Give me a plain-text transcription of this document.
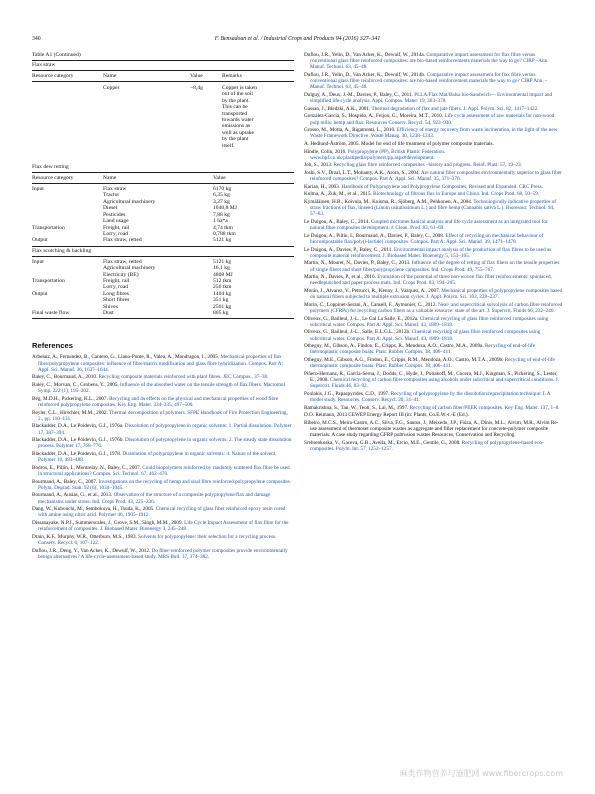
340	F. Bensadoun et al. / Industrial Crops and Products 94 (2016) 327–341
Table A1 (Continued)
Flax straw
Resource category	Name	Value	Remarks
	Copper	−8,4g	Copper is taken
out of the soil
by the plant.
This can be
transported
towards water
emissions as
well as uptake
by the plant
itself.
Flax dew retting
Resource category	Name	Value
Input	Flax straw	6170 kg
	Tractor	6,35 kg
	Agricultural machinery	3,27 kg
	Diesel	1040,8 MJ
	Pesticides	7,88 kg
	Land usage	1 ha*a
Transportation	Freight, rail	4,74 tkm
	Lorry, road	0,788 tkm
Output	Flax straw, retted	5121 kg
Flax scutching & hackling
Input	Flax straw, retted	5121 kg
	Agricultural machinery	16,1 kg
	Electricity (BE)	4808 MJ
Transportation	Freight, rail	512 tkm
	Lorry, road	256 tkm
Output	Long fibres	1404 kg
	Short fibres	351 kg
	Shives	2561 kg
Final waste flow	Dust	805 kg
References
Arbelaiz, A., Fernandez, B., Cantero, G., Llano-Ponte, R., Valea, A., Mondragon, I., 2005. Mechanical properties of flax fibre/polypropylene composites: influence of fibre/matrix modification and glass fibre hybridization. Compos. Part A: Appl. Sci. Manuf. 36, 1637–1644.
Baley, C., Bourmaud, A., 2010. Recycling composite materials reinforced with plant fibres. JEC Compos., 37–38.
Baley, C., Morvan, C., Grohens, Y., 2005. Influence of the absorbed water on the tensile strength of flax fibers. Macromol. Symp. 222 (1), 195–202.
Beg, M.D.H., Pickering, K.L., 2007. Recycling and its effects on the physical and mechanical properties of wood fibre reinforced polypropylene composites. Key Eng. Mater. 334–335, 497–500.
Beyler, C.L., Hirschler, M.M., 2002. Thermal decomposition of polymers. SFPE Handbook of Fire Protection Engineering, 2., pp. 110–131.
Blackadder, D.A., Le Poidevin, G.J., 1976a. Dissolution of polypropylene in organic solvents: 1. Partial dissolution. Polymer 17, 387–394.
Blackadder, D.A., Le Poidevin, G.J., 1976b. Dissolution of polypropylene in organic solvents: 2. The steady state dissolution process. Polymer 17, 768–776.
Blackadder, D.A., Le Poidevin, G.J., 1978. Dissolution of polypropylene in organic solvents: 4. Nature of the solvent. Polymer 19, 483–488.
Bodros, E., Pillin, I., Montrelay, N., Baley, C., 2007. Could biopolymers reinforced by randomly scattered flax fibre be used in structural applications? Compos. Sci. Technol. 67, 462–470.
Bourmaud, A., Baley, C., 2007. Investigations on the recycling of hemp and sisal fibre reinforced polypropylene composites. Polym. Degrad. Stab. 92 (6), 1034–1045.
Bourmaud, A., Ausias, G., et al., 2013. Observation of the structure of a composite polypropylene/flax and damage mechanisms under stress. Ind. Crops Prod. 43, 225–236.
Dang, W., Kubouchi, M., Sembokuya, H., Tsuda, K., 2005. Chemical recycling of glass fiber reinforced epoxy resin cured with amine using nitric acid. Polymer 46, 1905–1912.
Dissanayake, N.P.J., Summerscales, J., Grove, S.M., Singh, M.M., 2009. Life Cycle Impact Assessment of flax fibre for the reinforcement of composites. J. Biobased Mater. Bioenergy 3, 245–248.
Drain, K.F., Murphy, W.R., Otterburn, M.S., 1983. Solvents for polypropylene: their selection for a recycling process. Conserv. Recycl. 6, 107–122.
Duflou, J.R., Deng, Y., Van Acker, K., Dewulf, W., 2012. Do fiber-reinforced polymer composites provide environmentally benign alternatives? A life-cycle-assessment-based study. MRS Bull. 37, 374–382.
Duflou, J.R., Yelin, D., Van Acker, K., Dewulf, W., 2014a. Comparative impact assessment for flax fibre versus conventional glass fibre reinforced composites: are bio-based reinforcements materials the way to go? CIRP –Ann. Manuf. Technol. 63, 45–48.
Duflou, J.R., Yelin, D., Van Acker, K., Dewulf, W., 2014b. Comparative impact assessment for flax fibre versus conventional glass fibre reinforced composites: are bio-based reinforcement materials the way to go? CIRP Ann. – Manuf. Technol. 63, 45–48.
Dulguy, A., Deux, J.-M., Davies, P., Baley, C., 2011. PLLA/Flax Mat/Balsa bio-Sandwich— Environmental impact and simplified life cycle analysis. Appl. Compos. Mater. 19, 363–378.
Gassan, J., Bledzki, A.K., 2001. Thermal degradation of flax and jute fibers. J. Appl. Polym. Sci. 82, 1417–1422.
González-García, S., Hospido, A., Feijoo, G., Moreira, M.T., 2010. Life cycle assessment of raw materials for non-wood pulp mills: hemp and flax. Resources Conserv. Recycl. 54, 923–930.
Grosso, M., Motta, A., Rigamonti, L., 2010. Efficiency of energy recovery from waste incineration, in the light of the new Waste Framework Directive. Waste Manag. 30, 1238–1243.
A. Hedlund-Åström, 2005. Model for end of life treatment of polymer composite materials.
Hindle, Colin, 2016. Polypropylene (PP), British Plastic Federation. www.bpf.co.uk/plastipedia/polymers/pp.aspx#development.
Job, S., 2013. Recycling glass fibre reinforced composites –history and progress. Reinf. Plast. 57, 19–23.
Joshi, S.V., Drzal, L.T., Mohanty, A.K., Arora, S., 2004. Are natural fiber composites environmentally superior to glass fiber reinforced composites? Compos. Part A: Appl. Sci. Manuf. 35, 371–376.
Karian, H., 2003. Handbook of Polypropylene and Polypropylene Composites, Revised and Expanded. CRC Press.
Kulma, A., Zuk, M., et al., 2015. Biotechnology of fibrous flax in Europe and China. Ind. Crops Prod. 68, 50–59.
Kymäläinen, H.R., Koivula, M., Kuisma, R., Sjöberg, A.M., Pehkonen, A., 2004. Technologically indicative properties of straw fractions of flax, linseed (Linum usitatissimum L.) and fibre hemp (Cannabis sativa L.). Bioresour. Technol. 94, 57–63.
Le Duigou, A., Baley, C., 2014. Coupled micromechanical analysis and life cycle assessment as an integrated tool for natural fibre composites development. J. Clean. Prod. 83, 61–69.
Le Duigou, A., Pillin, I., Bourmaud, A., Davies, P., Baley, C., 2008. Effect of recycling on mechanical behaviour of biocompostable flax/poly(l-lactide) composites. Compos. Part A: Appl. Sci. Manuf. 39, 1471–1478.
Le Duigou, A., Davies, P., Baley, C., 2011. Environmental impact analysis of the production of flax fibres to be used as composite material reinforcement. J. Biobased Mater. Bioenergy 5, 153–165.
Martin, N., Mouret, N., Davies, P., Baley, C., 2013. Influence of the degree of retting of flax fibers on the tensile properties of single fibers and short fiber/polypropylene composites. Ind. Crops Prod. 49, 755–767.
Martin, N., Davies, P., et al., 2016. Evaluation of the potential of three non-woven flax fiber reinforcements: spunlaced, needlepunched and paper process mats. Ind. Crops Prod. 83, 194–205.
Morán, J., Alvarez, V., Petrucci, R., Kenny, J., Vazquez, A., 2007. Mechanical properties of polypropylene composites based on natural fibers subjected to multiple extrusion cycles. J. Appl. Polym. Sci. 103, 228–237.
Morin, C., Loppinet-Serani, A., Cansell, F., Aymonier, C., 2012. Near- and supercritical solvolysis of carbon fibre reinforced polymers (CFRPs) for recycling carbon fibers as a valuable resource: state of the art. J. Supercrit. Fluids 66, 232–240.
Oliveux, G., Bailleul, J.-L., Le Gal La Salle, E., 2012a. Chemical recycling of glass fibre reinforced composites using subcritical water. Compos. Part A: Appl. Sci. Manuf. 43, 1809–1818.
Oliveux, G., Bailleul, J.-L., Salle, E.L.G.L., 2012b. Chemical recycling of glass fibre reinforced composites using subcritical water. Compos. Part A: Appl. Sci. Manuf. 43, 1809–1818.
Otheguy, M., Gibson, A., Findon, E., Cripps, R., Mendoza, A.O., Castro, M.A., 2009a. Recycling of end-of-life thermoplastic composite boats. Plast. Rubber Compos. 38, 406–411.
Otheguy, M.E., Gibson, A.G., Findon, E., Cripps, R.M., Mendoza, A.O., Castro, M.T.A., 2009b. Recycling of end-of-life thermoplastic composite boats. Plast. Rubber Compos. 38, 406–411.
Piñero-Hernanz, R., García-Serna, J., Dodds, C., Hyde, J., Poliakoff, M., Cocero, M.J., Kingman, S., Pickering, S., Lester, E., 2008. Chemical recycling of carbon fibre composites using alcohols under subcritical and supercritical conditions. J. Supercrit. Fluids 46, 83–92.
Poulakis, J.G., Papaspyrides, C.D., 1997. Recycling of polypropylene by the dissolution/reprecipitation technique: I. A model study. Resources. Conserv. Recycl. 20, 31–41.
Ramakrishna, S., Tan, W., Teoh, S., Lai, M., 1997. Recycling of carbon fiber/PEEK composites. Key Eng. Mater. 137, 1–8.
D.O. Reimann, 2013 CEWEP Energy Report III (in: Plants, Co.E.W.-t.-E (Ed.).
Ribeiro, M.C.S., Meira-Castro, A.C., Silva, F.G., Santos, J., Meixedo, J.P., Fiúza, A., Dinis, M.L., Alvim, M.R., Alvim Re-use assessment of thermoset composite wastes as aggregate and filler replacement for concrete-polymer composite materials: A case study regarding GFRP pultrusion wastes Resources, Conservation and Recycling.
Srebrenkoska, V., Gaceva, G.B., Avella, M., Ercio, M.E., Gentile, G., 2008. Recycling of polypropylene-based eco-composites. Polym. Int. 57, 1252–1257.
麻类作物营养与施肥网 www.fibercrops.com
